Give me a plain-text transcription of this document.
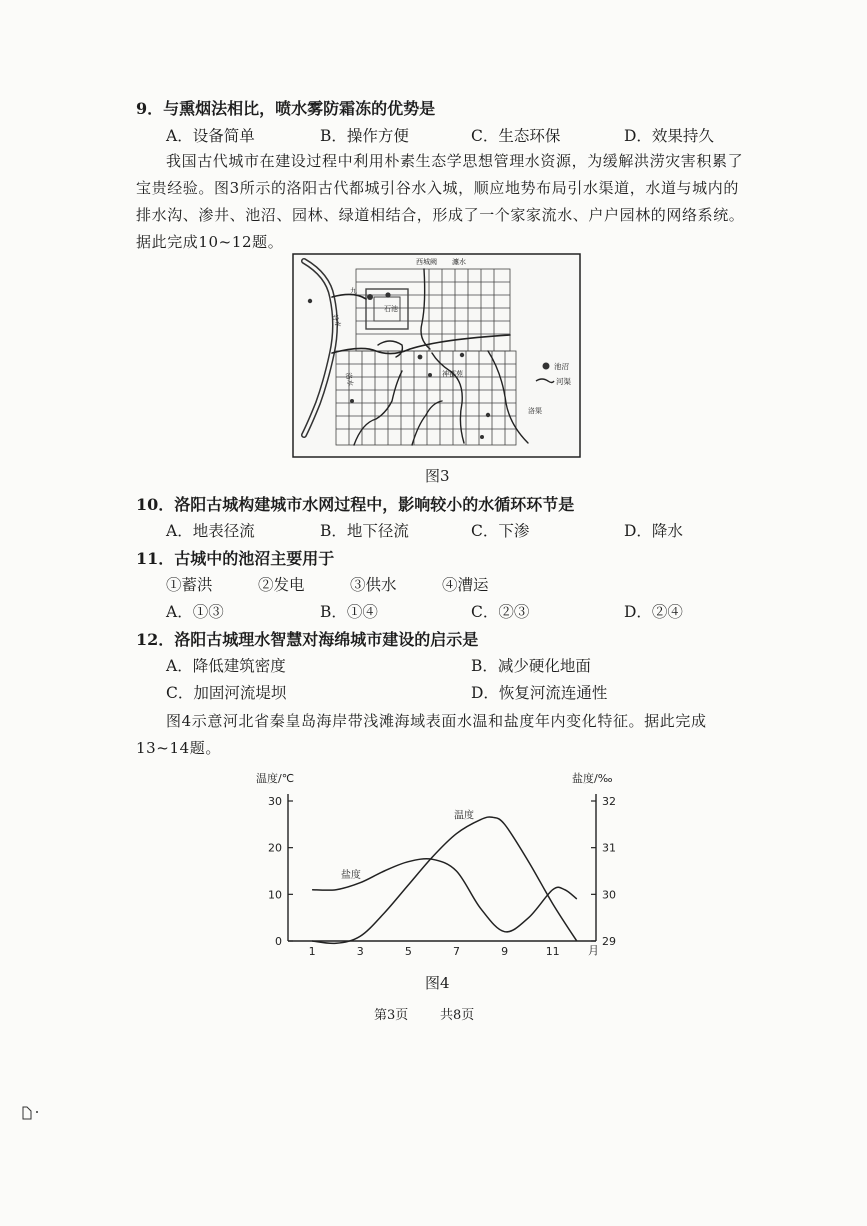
9．与熏烟法相比，喷水雾防霜冻的优势是
A．设备简单	B．操作方便	C．生态环保	D．效果持久
我国古代城市在建设过程中利用朴素生态学思想管理水资源，为缓解洪涝灾害积累了
宝贵经验。图3所示的洛阳古代都城引谷水入城，顺应地势布局引水渠道，水道与城内的
排水沟、渗井、池沼、园林、绿道相结合，形成了一个家家流水、户户园林的网络系统。
据此完成10~12题。
西城阙 瀍水
九
石池
谷水
洛水	神都苑
洛渠
池沼
河渠
图3
10．洛阳古城构建城市水网过程中，影响较小的水循环环节是
A．地表径流	B．地下径流	C．下渗	D．降水
11．古城中的池沼主要用于
①蓄洪	②发电	③供水	④漕运
A．①③	B．①④	C．②③	D．②④
12．洛阳古城理水智慧对海绵城市建设的启示是
A．降低建筑密度	B．减少硬化地面
C．加固河流堤坝	D．恢复河流连通性
图4示意河北省秦皇岛海岸带浅滩海域表面水温和盐度年内变化特征。据此完成
13~14题。
0
10
20
30
29
30
31
32
1	3	5	7	9	11
温度
盐度
温度/℃	盐度/‰
月
图4
第3页 共8页
